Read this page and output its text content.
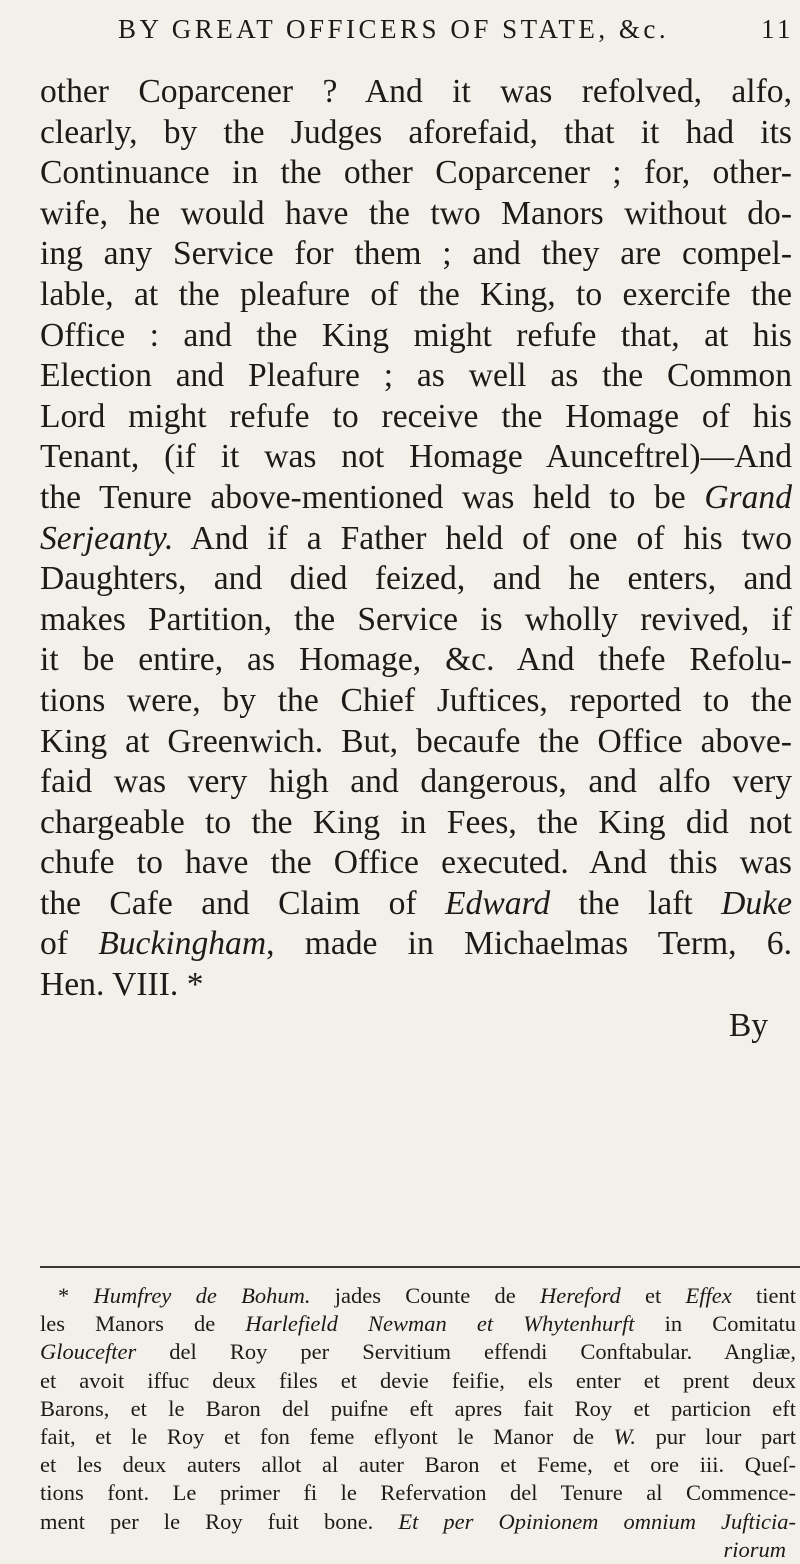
BY GREAT OFFICERS OF STATE, &c.	11
other Coparcener ? And it was refolved, alfo,
clearly, by the Judges aforefaid, that it had its
Continuance in the other Coparcener ; for, other-
wife, he would have the two Manors without do-
ing any Service for them ; and they are compel-
lable, at the pleafure of the King, to exercife the
Office : and the King might refufe that, at his
Election and Pleafure ; as well as the Common
Lord might refufe to receive the Homage of his
Tenant, (if it was not Homage Aunceftrel)—And
the Tenure above-mentioned was held to be Grand
Serjeanty. And if a Father held of one of his two
Daughters, and died feized, and he enters, and
makes Partition, the Service is wholly revived, if
it be entire, as Homage, &c. And thefe Refolu-
tions were, by the Chief Juftices, reported to the
King at Greenwich. But, becaufe the Office above-
faid was very high and dangerous, and alfo very
chargeable to the King in Fees, the King did not
chufe to have the Office executed. And this was
the Cafe and Claim of Edward the laft Duke
of Buckingham, made in Michaelmas Term, 6.
Hen. VIII. *
By
* Humfrey de Bohum. jades Counte de Hereford et Effex tient
les Manors de Harlefield Newman et Whytenhurft in Comitatu
Gloucefter del Roy per Servitium effendi Conftabular. Angliæ,
et avoit iffuc deux files et devie feifie, els enter et prent deux
Barons, et le Baron del puifne eft apres fait Roy et particion eft
fait, et le Roy et fon feme eflyont le Manor de W. pur lour part
et les deux auters allot al auter Baron et Feme, et ore iii. Queſ-
tions font. Le primer fi le Refervation del Tenure al Commence-
ment per le Roy fuit bone. Et per Opinionem omnium Jufticia-
riorum
